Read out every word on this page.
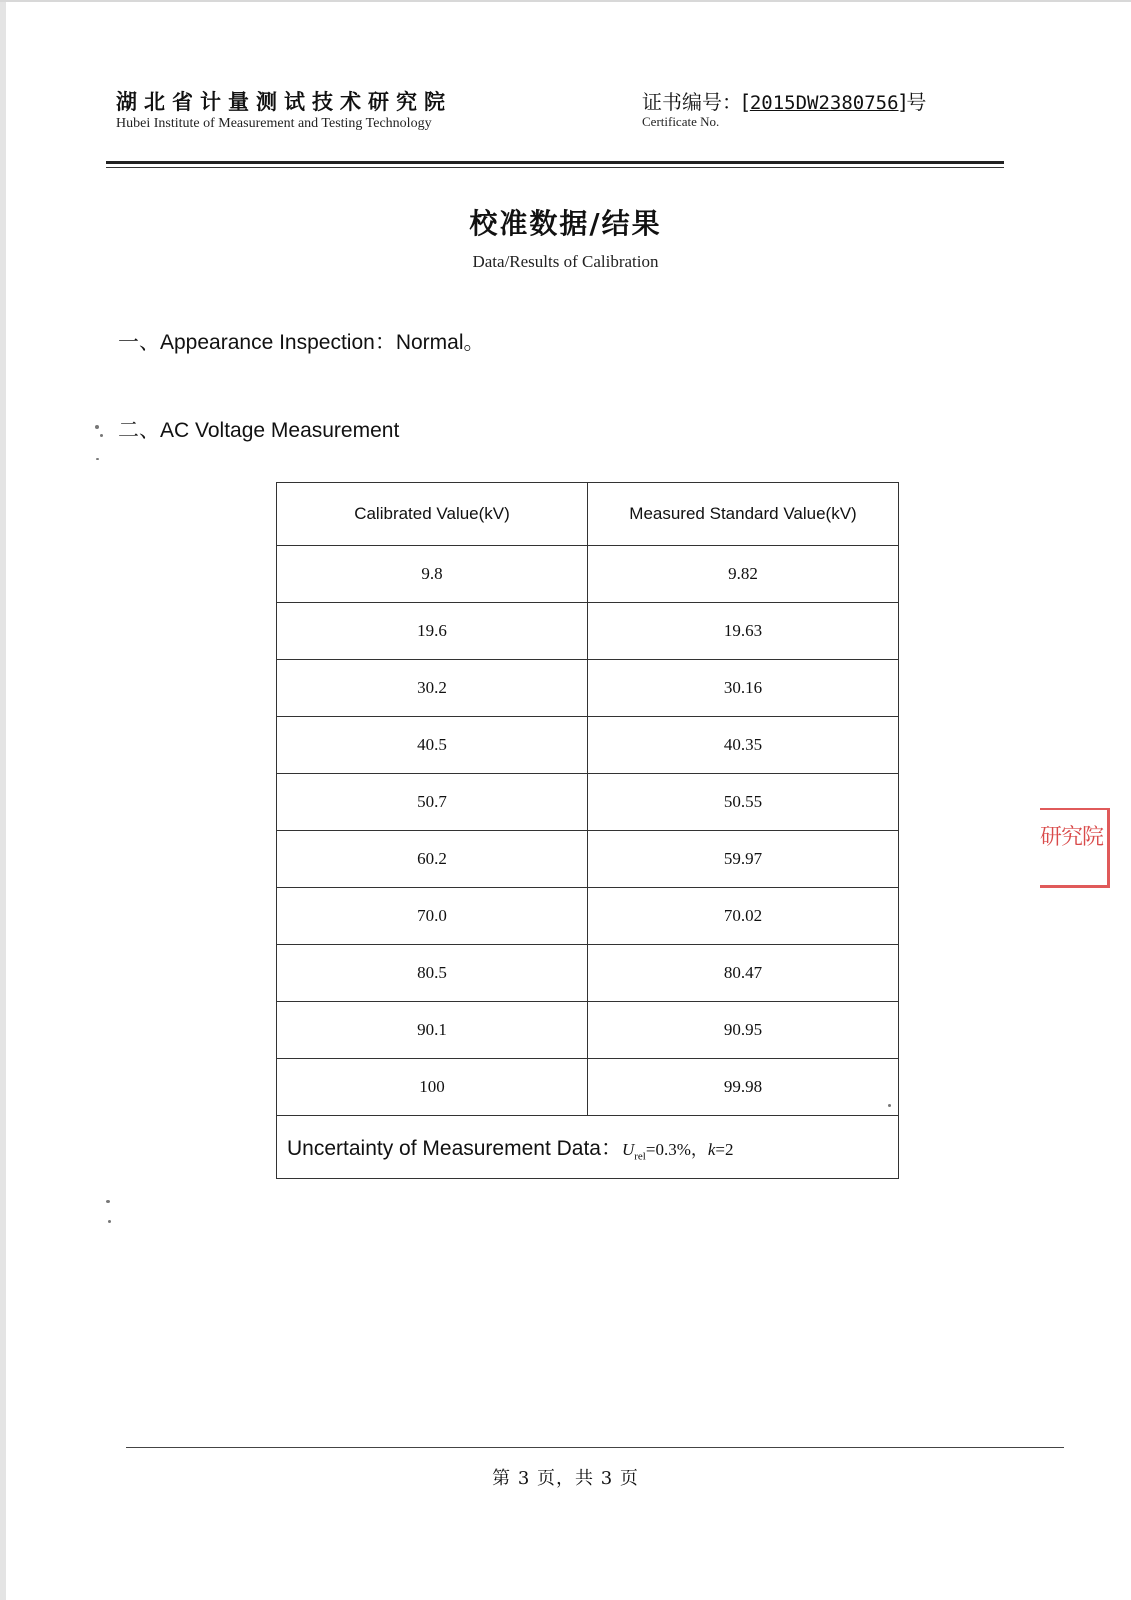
湖北省计量测试技术研究院
Hubei Institute of Measurement and Testing Technology
证书编号：[2015DW2380756]号
Certificate No.
校准数据/结果
Data/Results of Calibration
一、Appearance Inspection：Normal。
二、AC Voltage Measurement
Calibrated Value(kV)	Measured Standard Value(kV)
9.8	9.82
19.6	19.63
30.2	30.16
40.5	40.35
50.7	50.55
60.2	59.97
70.0	70.02
80.5	80.47
90.1	90.95
100	99.98
Uncertainty of Measurement Data：$U_{rel}=0.3\%$，k=2	
研究院
第 3 页，共 3 页
